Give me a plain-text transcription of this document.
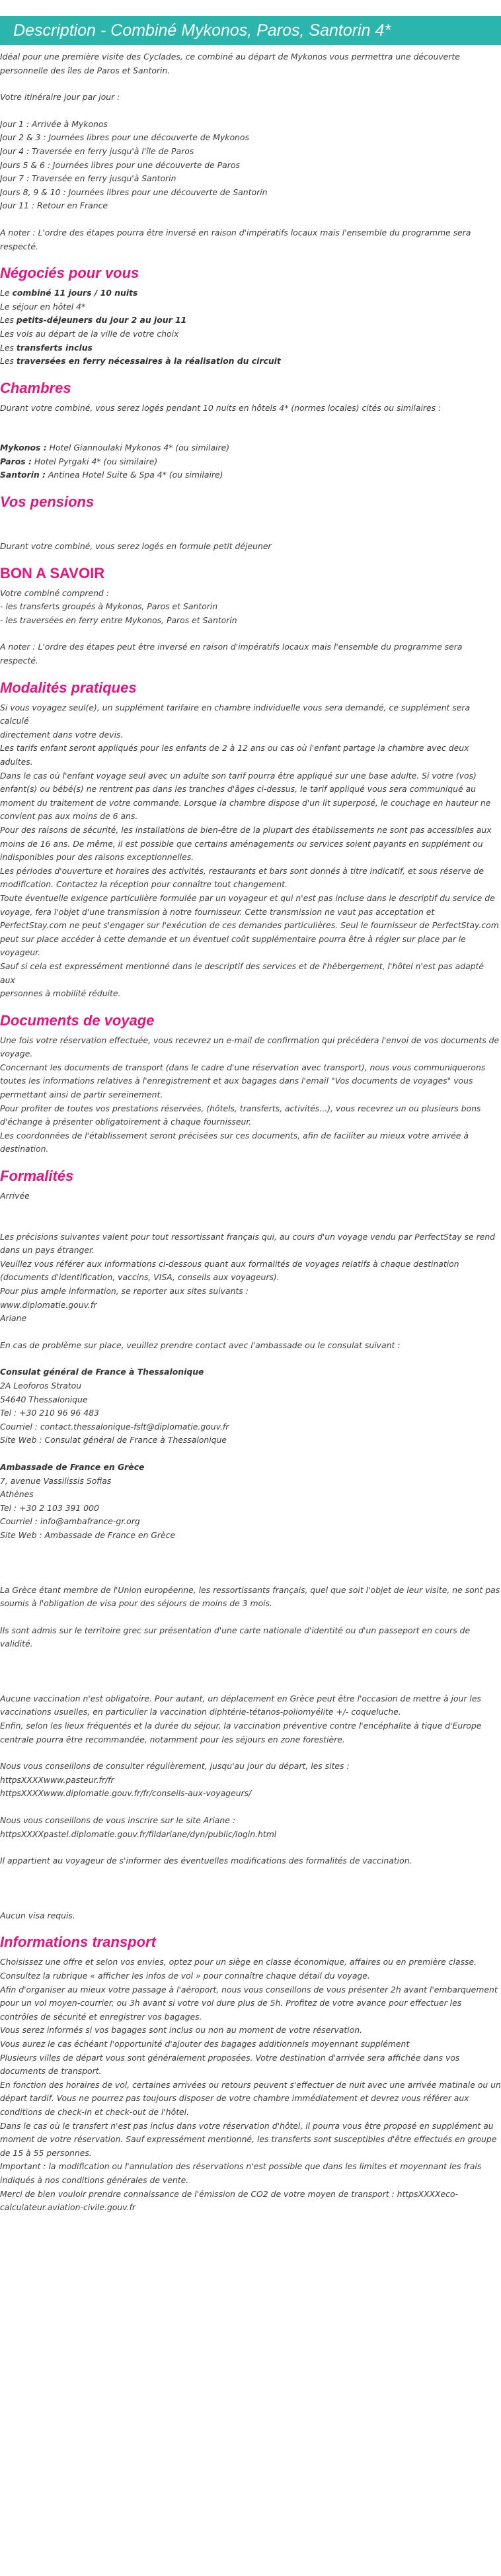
Description - Combiné Mykonos, Paros, Santorin 4*
Idéal pour une première visite des Cyclades, ce combiné au départ de Mykonos vous permettra une découverte
personnelle des îles de Paros et Santorin.
Votre itinéraire jour par jour :
Jour 1 : Arrivée à Mykonos
Jour 2 & 3 : Journées libres pour une découverte de Mykonos
Jour 4 : Traversée en ferry jusqu'à l'île de Paros
Jours 5 & 6 : Journées libres pour une découverte de Paros
Jour 7 : Traversée en ferry jusqu'à Santorin
Jours 8, 9 & 10 : Journées libres pour une découverte de Santorin
Jour 11 : Retour en France
A noter : L'ordre des étapes pourra être inversé en raison d'impératifs locaux mais l'ensemble du programme sera
respecté.
Négociés pour vous
Le combiné 11 jours / 10 nuits
Le séjour en hôtel 4*
Les petits-déjeuners du jour 2 au jour 11
Les vols au départ de la ville de votre choix
Les transferts inclus
Les traversées en ferry nécessaires à la réalisation du circuit
Chambres
Durant votre combiné, vous serez logés pendant 10 nuits en hôtels 4* (normes locales) cités ou similaires :
Mykonos : Hotel Giannoulaki Mykonos 4* (ou similaire)
Paros : Hotel Pyrgaki 4* (ou similaire)
Santorin : Antinea Hotel Suite & Spa 4* (ou similaire)
Vos pensions
Durant votre combiné, vous serez logés en formule petit déjeuner
BON A SAVOIR
Votre combiné comprend :
- les transferts groupés à Mykonos, Paros et Santorin
- les traversées en ferry entre Mykonos, Paros et Santorin
A noter : L'ordre des étapes peut être inversé en raison d'impératifs locaux mais l'ensemble du programme sera respecté.
Modalités pratiques
Si vous voyagez seul(e), un supplément tarifaire en chambre individuelle vous sera demandé, ce supplément sera calculé
directement dans votre devis.
Les tarifs enfant seront appliqués pour les enfants de 2 à 12 ans ou cas où l'enfant partage la chambre avec deux adultes.
Dans le cas où l'enfant voyage seul avec un adulte son tarif pourra être appliqué sur une base adulte. Si votre (vos)
enfant(s) ou bébé(s) ne rentrent pas dans les tranches d'âges ci-dessus, le tarif appliqué vous sera communiqué au
moment du traitement de votre commande. Lorsque la chambre dispose d'un lit superposé, le couchage en hauteur ne
convient pas aux moins de 6 ans.
Pour des raisons de sécurité, les installations de bien-être de la plupart des établissements ne sont pas accessibles aux
moins de 16 ans. De même, il est possible que certains aménagements ou services soient payants en supplément ou
indisponibles pour des raisons exceptionnelles.
Les périodes d'ouverture et horaires des activités, restaurants et bars sont donnés à titre indicatif, et sous réserve de
modification. Contactez la réception pour connaître tout changement.
Toute éventuelle exigence particulière formulée par un voyageur et qui n'est pas incluse dans le descriptif du service de
voyage, fera l'objet d'une transmission à notre fournisseur. Cette transmission ne vaut pas acceptation et
PerfectStay.com ne peut s'engager sur l'exécution de ces demandes particulières. Seul le fournisseur de PerfectStay.com
peut sur place accéder à cette demande et un éventuel coût supplémentaire pourra être à régler sur place par le
voyageur.
Sauf si cela est expressément mentionné dans le descriptif des services et de l'hébergement, l'hôtel n'est pas adapté aux
personnes à mobilité réduite.
Documents de voyage
Une fois votre réservation effectuée, vous recevrez un e-mail de confirmation qui précédera l'envoi de vos documents de
voyage.
Concernant les documents de transport (dans le cadre d'une réservation avec transport), nous vous communiquerons
toutes les informations relatives à l'enregistrement et aux bagages dans l'email "Vos documents de voyages" vous
permettant ainsi de partir sereinement.
Pour profiter de toutes vos prestations réservées, (hôtels, transferts, activités...), vous recevrez un ou plusieurs bons
d'échange à présenter obligatoirement à chaque fournisseur.
Les coordonnées de l'établissement seront précisées sur ces documents, afin de faciliter au mieux votre arrivée à
destination.
Formalités
Arrivée
Les précisions suivantes valent pour tout ressortissant français qui, au cours d'un voyage vendu par PerfectStay se rend
dans un pays étranger.
Veuillez vous référer aux informations ci-dessous quant aux formalités de voyages relatifs à chaque destination
(documents d'identification, vaccins, VISA, conseils aux voyageurs).
Pour plus ample information, se reporter aux sites suivants :
www.diplomatie.gouv.fr
Ariane
En cas de problème sur place, veuillez prendre contact avec l'ambassade ou le consulat suivant :
Consulat général de France à Thessalonique
2A Leoforos Stratou
54640 Thessalonique
Tel : +30 210 96 96 483
Courriel : contact.thessalonique-fslt@diplomatie.gouv.fr
Site Web : Consulat général de France à Thessalonique
Ambassade de France en Grèce
7, avenue Vassilissis Sofias
Athènes
Tel : +30 2 103 391 000
Courriel : info@ambafrance-gr.org
Site Web : Ambassade de France en Grèce
La Grèce étant membre de l'Union européenne, les ressortissants français, quel que soit l'objet de leur visite, ne sont pas
soumis à l'obligation de visa pour des séjours de moins de 3 mois.
Ils sont admis sur le territoire grec sur présentation d'une carte nationale d'identité ou d'un passeport en cours de
validité.
Aucune vaccination n'est obligatoire. Pour autant, un déplacement en Grèce peut être l'occasion de mettre à jour les
vaccinations usuelles, en particulier la vaccination diphtérie-tétanos-poliomyélite +/- coqueluche.
Enfin, selon les lieux fréquentés et la durée du séjour, la vaccination préventive contre l'encéphalite à tique d'Europe
centrale pourra être recommandée, notamment pour les séjours en zone forestière.
Nous vous conseillons de consulter régulièrement, jusqu'au jour du départ, les sites :
httpsXXXXwww.pasteur.fr/fr
httpsXXXXwww.diplomatie.gouv.fr/fr/conseils-aux-voyageurs/
Nous vous conseillons de vous inscrire sur le site Ariane :
httpsXXXXpastel.diplomatie.gouv.fr/fildariane/dyn/public/login.html
Il appartient au voyageur de s'informer des éventuelles modifications des formalités de vaccination.
Aucun visa requis.
Informations transport
Choisissez une offre et selon vos envies, optez pour un siège en classe économique, affaires ou en première classe.
Consultez la rubrique « afficher les infos de vol » pour connaître chaque détail du voyage.
Afin d'organiser au mieux votre passage à l'aéroport, nous vous conseillons de vous présenter 2h avant l'embarquement
pour un vol moyen-courrier, ou 3h avant si votre vol dure plus de 5h. Profitez de votre avance pour effectuer les
contrôles de sécurité et enregistrer vos bagages.
Vous serez informés si vos bagages sont inclus ou non au moment de votre réservation.
Vous aurez le cas échéant l'opportunité d'ajouter des bagages additionnels moyennant supplément
Plusieurs villes de départ vous sont généralement proposées. Votre destination d'arrivée sera affichée dans vos
documents de transport.
En fonction des horaires de vol, certaines arrivées ou retours peuvent s'effectuer de nuit avec une arrivée matinale ou un
départ tardif. Vous ne pourrez pas toujours disposer de votre chambre immédiatement et devrez vous référer aux
conditions de check-in et check-out de l'hôtel.
Dans le cas où le transfert n'est pas inclus dans votre réservation d'hôtel, il pourra vous être proposé en supplément au
moment de votre réservation. Sauf expressément mentionné, les transferts sont susceptibles d'être effectués en groupe
de 15 à 55 personnes.
Important : la modification ou l'annulation des réservations n'est possible que dans les limites et moyennant les frais
indiqués à nos conditions générales de vente.
Merci de bien vouloir prendre connaissance de l'émission de CO2 de votre moyen de transport : httpsXXXXeco-
calculateur.aviation-civile.gouv.fr
